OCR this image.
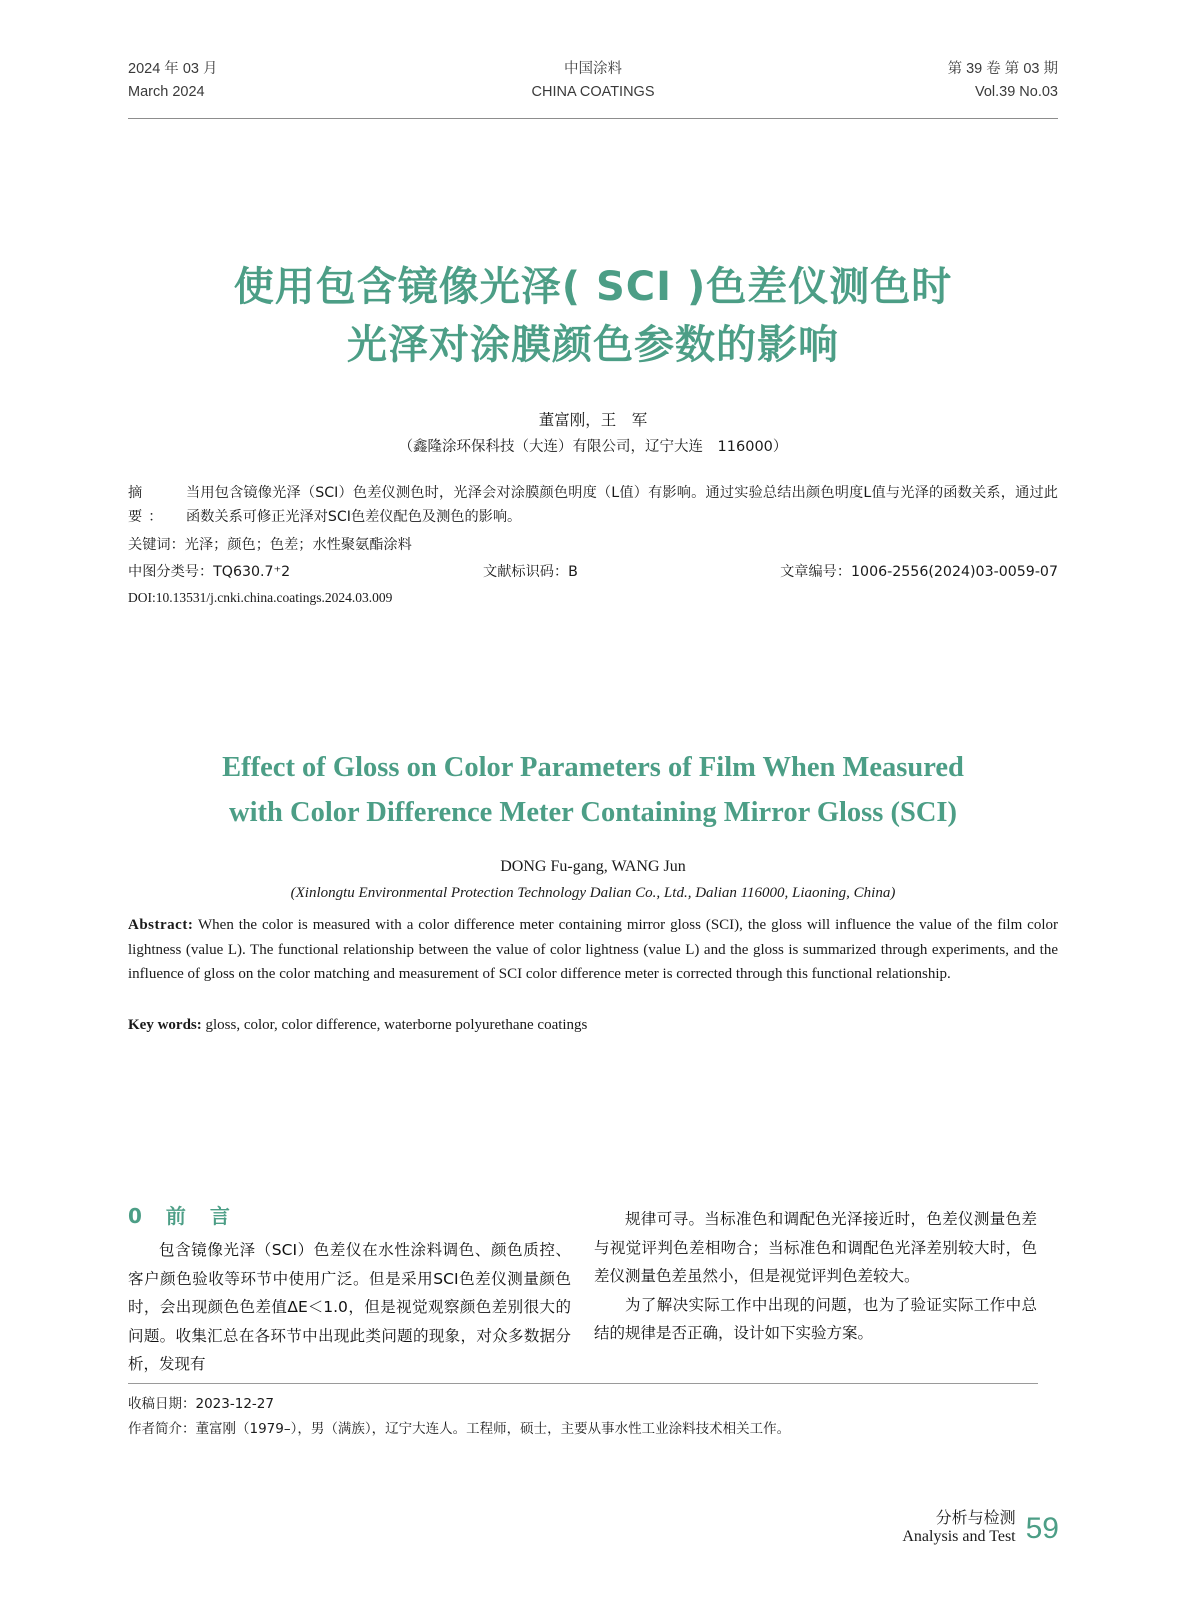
2024 年 03 月
March 2024
中国涂料
CHINA COATINGS
第 39 卷 第 03 期
Vol.39 No.03
使用包含镜像光泽( SCI )色差仪测色时
光泽对涂膜颜色参数的影响
董富刚，王　军
（鑫隆涂环保科技（大连）有限公司，辽宁大连　116000）
摘 要：
当用包含镜像光泽（SCI）色差仪测色时，光泽会对涂膜颜色明度（L值）有影响。通过实验总结出颜色明度L值与光泽的函数关系，通过此函数关系可修正光泽对SCI色差仪配色及测色的影响。
关键词：光泽；颜色；色差；水性聚氨酯涂料
中图分类号：TQ630.7⁺2	文献标识码：B	文章编号：1006-2556(2024)03-0059-07
DOI:10.13531/j.cnki.china.coatings.2024.03.009
Effect of Gloss on Color Parameters of Film When Measured
with Color Difference Meter Containing Mirror Gloss (SCI)
DONG Fu-gang, WANG Jun
(Xinlongtu Environmental Protection Technology Dalian Co., Ltd., Dalian 116000, Liaoning, China)
Abstract: When the color is measured with a color difference meter containing mirror gloss (SCI), the gloss will influence the value of the film color lightness (value L). The functional relationship between the value of color lightness (value L) and the gloss is summarized through experiments, and the influence of gloss on the color matching and measurement of SCI color difference meter is corrected through this functional relationship.
Key words: gloss, color, color difference, waterborne polyurethane coatings
0　前　言

包含镜像光泽（SCI）色差仪在水性涂料调色、颜色质控、客户颜色验收等环节中使用广泛。但是采用SCI色差仪测量颜色时，会出现颜色色差值ΔE＜1.0，但是视觉观察颜色差别很大的问题。收集汇总在各环节中出现此类问题的现象，对众多数据分析，发现有

规律可寻。当标准色和调配色光泽接近时，色差仪测量色差与视觉评判色差相吻合；当标准色和调配色光泽差别较大时，色差仪测量色差虽然小，但是视觉评判色差较大。

为了解决实际工作中出现的问题，也为了验证实际工作中总结的规律是否正确，设计如下实验方案。

收稿日期：2023-12-27
作者简介：董富刚（1979–），男（满族），辽宁大连人。工程师，硕士，主要从事水性工业涂料技术相关工作。
分析与检测
Analysis and Test 59
